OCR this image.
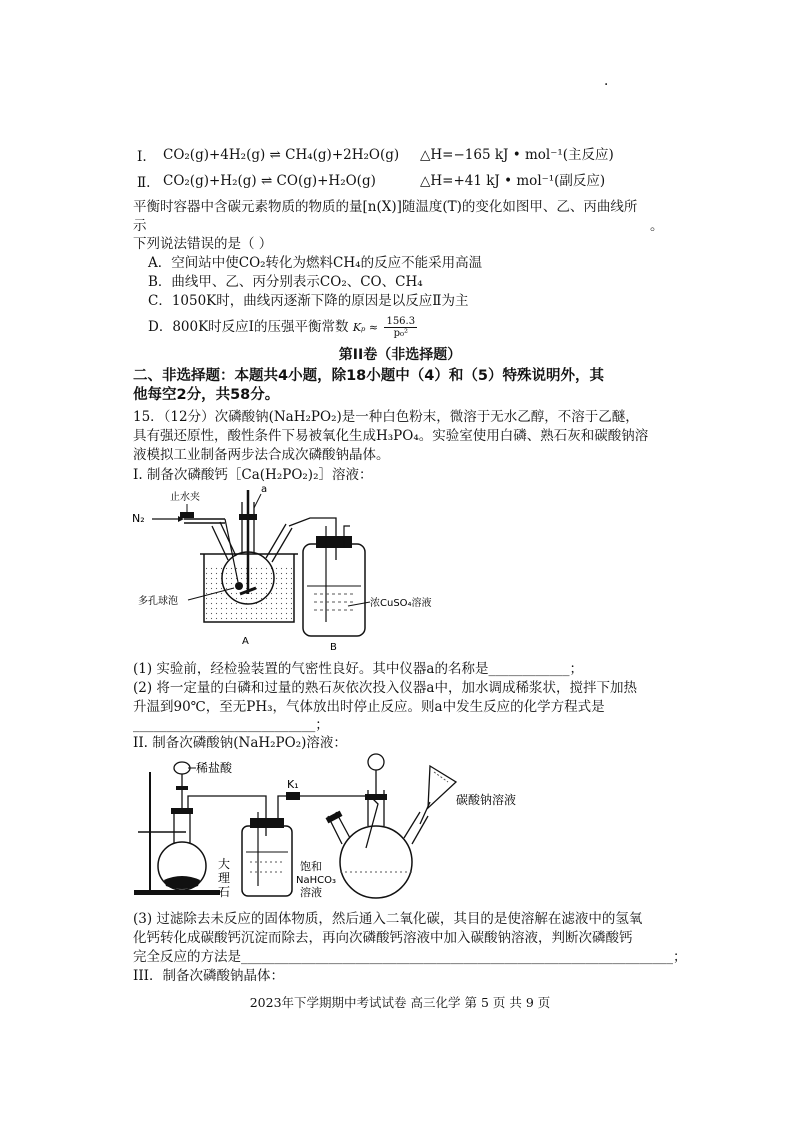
.
Ⅰ. CO₂(g)+4H₂(g) ⇌ CH₄(g)+2H₂O(g) △H=−165 kJ • mol⁻¹(主反应)
Ⅱ. CO₂(g)+H₂(g) ⇌ CO(g)+H₂O(g)	△H=+41 kJ • mol⁻¹(副反应)
平衡时容器中含碳元素物质的物质的量[n(X)]随温度(T)的变化如图甲、乙、丙曲线所
示	。
下列说法错误的是（ ）
A．空间站中使CO₂转化为燃料CH₄的反应不能采用高温
B．曲线甲、乙、丙分别表示CO₂、CO、CH₄
C．1050K时，曲线丙逐渐下降的原因是以反应Ⅱ为主
D．800K时反应Ⅰ的压强平衡常数 $K_p \approx \frac{156.3}{\text{p₀²}}$
第II卷（非选择题）
二、非选择题：本题共4小题，除18小题中（4）和（5）特殊说明外，其
他每空2分，共58分。
15．（12分）次磷酸钠(NaH₂PO₂)是一种白色粉末，微溶于无水乙醇，不溶于乙醚，
具有强还原性，酸性条件下易被氧化生成H₃PO₄。实验室使用白磷、熟石灰和碳酸钠溶
液模拟工业制备两步法合成次磷酸钠晶体。
I. 制备次磷酸钙［Ca(H₂PO₂)₂］溶液：
N₂
止水夹
多孔球泡
a
A
浓CuSO₄溶液
B
(1) 实验前，经检验装置的气密性良好。其中仪器a的名称是____________；
(2) 将一定量的白磷和过量的熟石灰依次投入仪器a中，加水调成稀浆状，搅拌下加热
升温到90℃，至无PH₃，气体放出时停止反应。则a中发生反应的化学方程式是
___________________________；
II. 制备次磷酸钠(NaH₂PO₂)溶液：
稀盐酸
大
理
石
饱和
NaHCO₃
溶液
K₁
碳酸钠溶液
(3) 过滤除去未反应的固体物质，然后通入二氧化碳，其目的是使溶解在滤液中的氢氧
化钙转化成碳酸钙沉淀而除去，再向次磷酸钙溶液中加入碳酸钠溶液，判断次磷酸钙
完全反应的方法是________________________________________________________________；
III．制备次磷酸钠晶体：
2023年下学期期中考试试卷 高三化学 第 5 页 共 9 页
